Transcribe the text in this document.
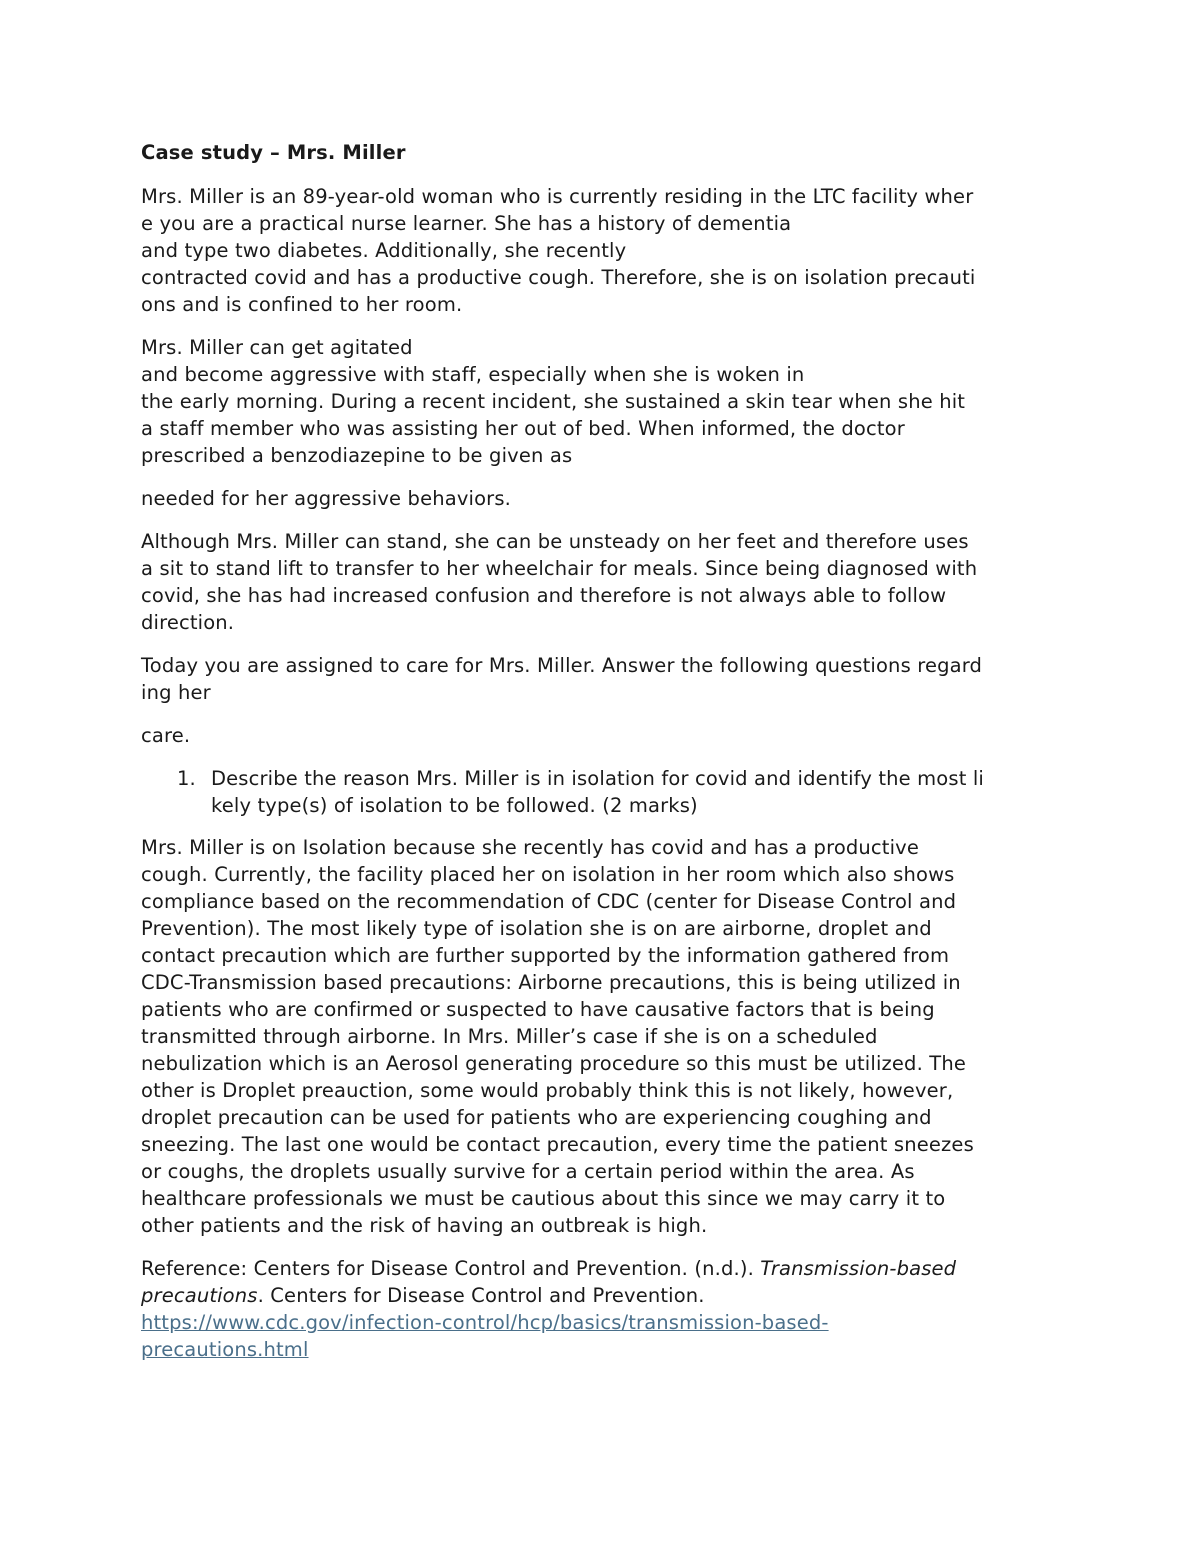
Case study – Mrs. Miller

Mrs. Miller is an 89-year-old woman who is currently residing in the LTC facility wher
e you are a practical nurse learner. She has a history of dementia
and type two diabetes. Additionally, she recently
contracted covid and has a productive cough. Therefore, she is on isolation precauti
ons and is confined to her room.

Mrs. Miller can get agitated
and become aggressive with staff, especially when she is woken in
the early morning. During a recent incident, she sustained a skin tear when she hit
a staff member who was assisting her out of bed. When informed, the doctor
prescribed a benzodiazepine to be given as

needed for her aggressive behaviors.

Although Mrs. Miller can stand, she can be unsteady on her feet and therefore uses
a sit to stand lift to transfer to her wheelchair for meals. Since being diagnosed with
covid, she has had increased confusion and therefore is not always able to follow
direction.

Today you are assigned to care for Mrs. Miller. Answer the following questions regard
ing her

care.

1. Describe the reason Mrs. Miller is in isolation for covid and identify the most li
kely type(s) of isolation to be followed. (2 marks)

Mrs. Miller is on Isolation because she recently has covid and has a productive
cough. Currently, the facility placed her on isolation in her room which also shows
compliance based on the recommendation of CDC (center for Disease Control and
Prevention). The most likely type of isolation she is on are airborne, droplet and
contact precaution which are further supported by the information gathered from
CDC-Transmission based precautions: Airborne precautions, this is being utilized in
patients who are confirmed or suspected to have causative factors that is being
transmitted through airborne. In Mrs. Miller’s case if she is on a scheduled
nebulization which is an Aerosol generating procedure so this must be utilized. The
other is Droplet preauction, some would probably think this is not likely, however,
droplet precaution can be used for patients who are experiencing coughing and
sneezing. The last one would be contact precaution, every time the patient sneezes
or coughs, the droplets usually survive for a certain period within the area. As
healthcare professionals we must be cautious about this since we may carry it to
other patients and the risk of having an outbreak is high.

Reference: Centers for Disease Control and Prevention. (n.d.). Transmission-based
precautions. Centers for Disease Control and Prevention.
https://www.cdc.gov/infection-control/hcp/basics/transmission-based-
precautions.html
